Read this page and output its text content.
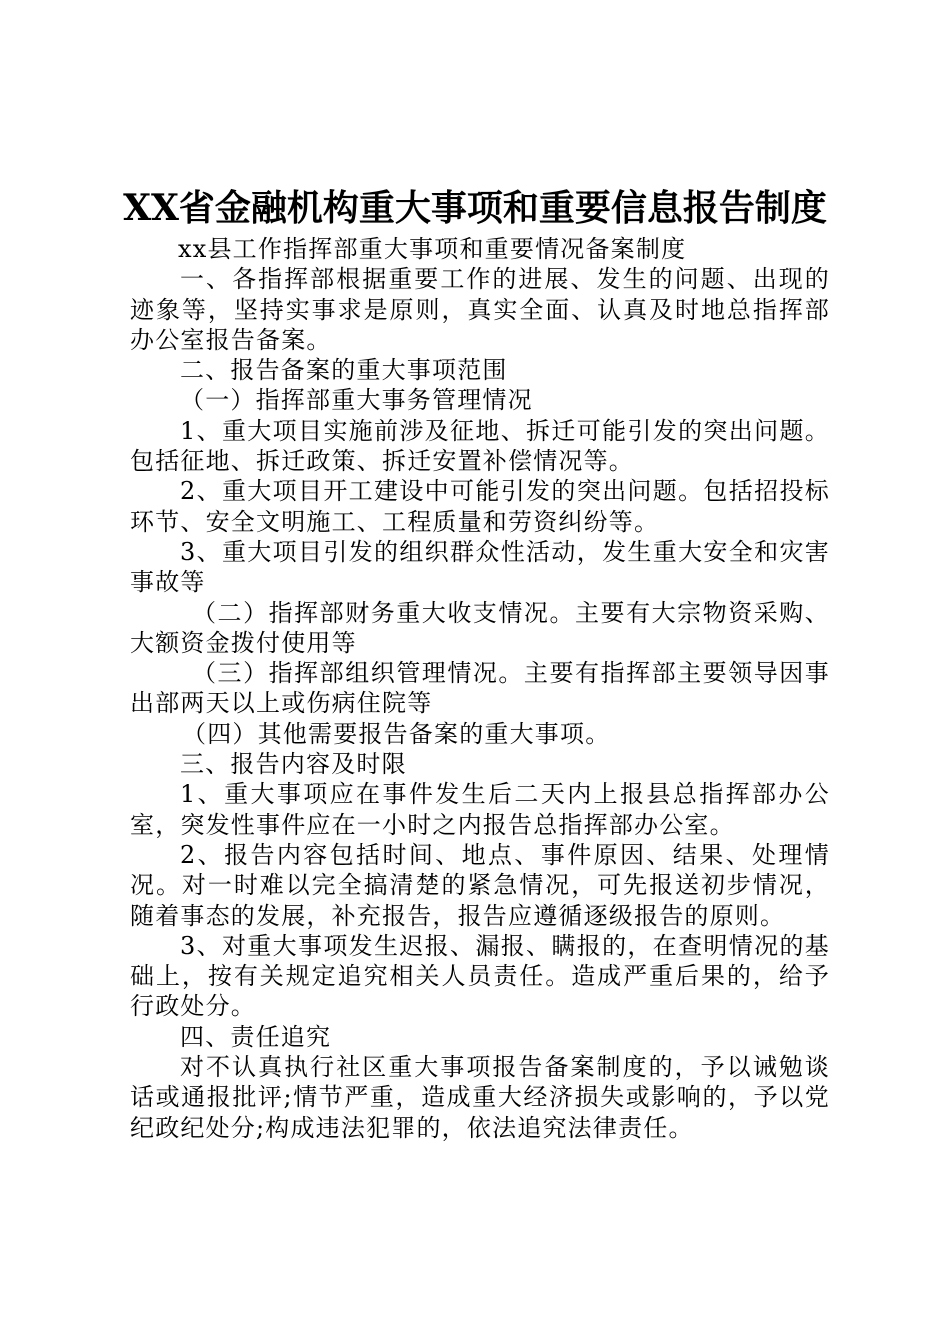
XX省金融机构重大事项和重要信息报告制度

xx县工作指挥部重大事项和重要情况备案制度

一、各指挥部根据重要工作的进展、发生的问题、出现的迹象等，坚持实事求是原则，真实全面、认真及时地总指挥部办公室报告备案。

二、报告备案的重大事项范围

（一）指挥部重大事务管理情况

1、重大项目实施前涉及征地、拆迁可能引发的突出问题。包括征地、拆迁政策、拆迁安置补偿情况等。

2、重大项目开工建设中可能引发的突出问题。包括招投标环节、安全文明施工、工程质量和劳资纠纷等。

3、重大项目引发的组织群众性活动，发生重大安全和灾害事故等

（二）指挥部财务重大收支情况。主要有大宗物资采购、大额资金拨付使用等

（三）指挥部组织管理情况。主要有指挥部主要领导因事出部两天以上或伤病住院等

（四）其他需要报告备案的重大事项。

三、报告内容及时限

1、重大事项应在事件发生后二天内上报县总指挥部办公室，突发性事件应在一小时之内报告总指挥部办公室。

2、报告内容包括时间、地点、事件原因、结果、处理情况。对一时难以完全搞清楚的紧急情况，可先报送初步情况，随着事态的发展，补充报告，报告应遵循逐级报告的原则。

3、对重大事项发生迟报、漏报、瞒报的，在查明情况的基础上，按有关规定追究相关人员责任。造成严重后果的，给予行政处分。

四、责任追究

对不认真执行社区重大事项报告备案制度的，予以诫勉谈话或通报批评;情节严重，造成重大经济损失或影响的，予以党纪政纪处分;构成违法犯罪的，依法追究法律责任。
